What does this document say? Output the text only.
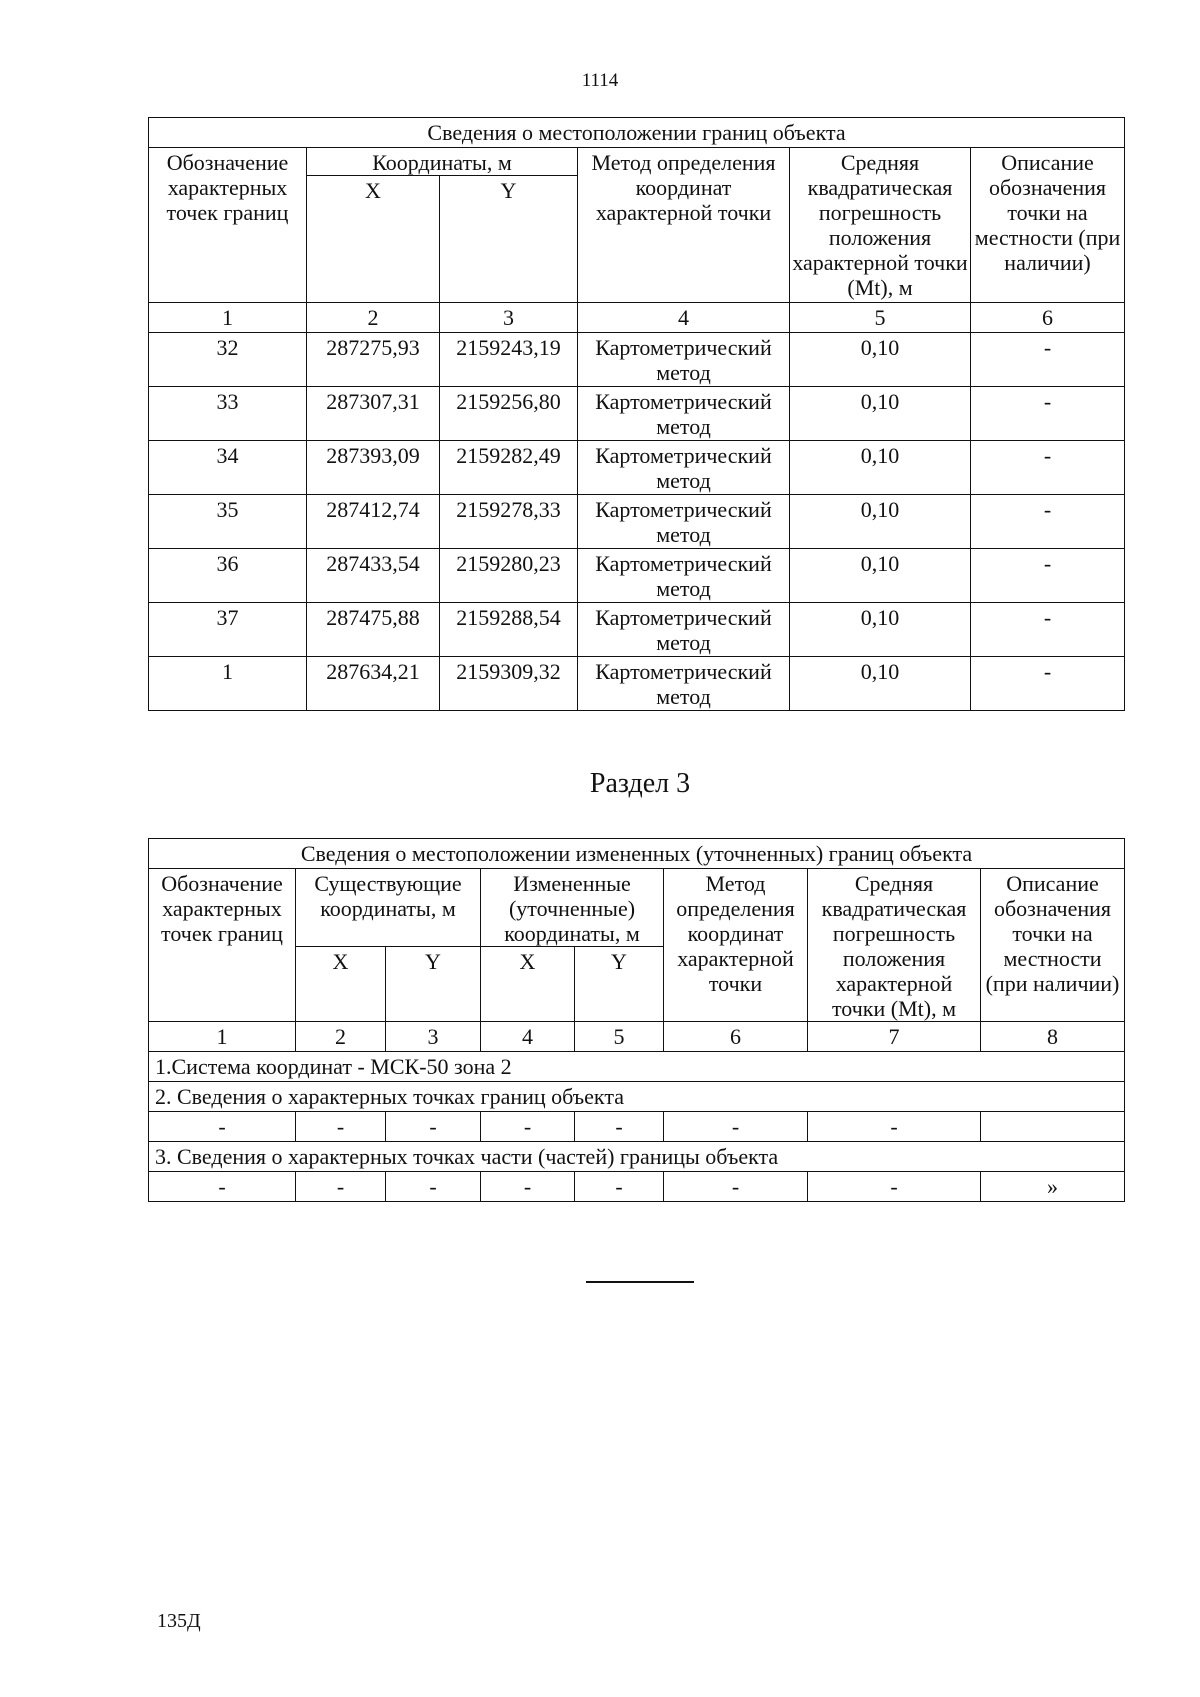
1114
Сведения о местоположении границ объекта					
Обозначение характерных точек границ	Координаты, м		Метод определения координат характерной точки	Средняя квадратическая погрешность положения характерной точки (Mt), м	Описание обозначения точки на местности (при наличии)
	X	Y			
1	2	3	4	5	6
32	287275,93	2159243,19	Картометрический метод	0,10	-
33	287307,31	2159256,80	Картометрический метод	0,10	-
34	287393,09	2159282,49	Картометрический метод	0,10	-
35	287412,74	2159278,33	Картометрический метод	0,10	-
36	287433,54	2159280,23	Картометрический метод	0,10	-
37	287475,88	2159288,54	Картометрический метод	0,10	-
1	287634,21	2159309,32	Картометрический метод	0,10	-
Раздел 3
Сведения о местоположении измененных (уточненных) границ объекта							
Обозначение характерных точек границ	Существующие координаты, м		Измененные (уточненные) координаты, м		Метод определения координат характерной точки	Средняя квадратическая погрешность положения характерной точки (Mt), м	Описание обозначения точки на местности (при наличии)
	X	Y	X	Y			
1	2	3	4	5	6	7	8
1.Система координат - МСК-50 зона 2							
2. Сведения о характерных точках границ объекта							
-	-	-	-	-	-	-	
3. Сведения о характерных точках части (частей) границы объекта							
-	-	-	-	-	-	-	»
135Д
